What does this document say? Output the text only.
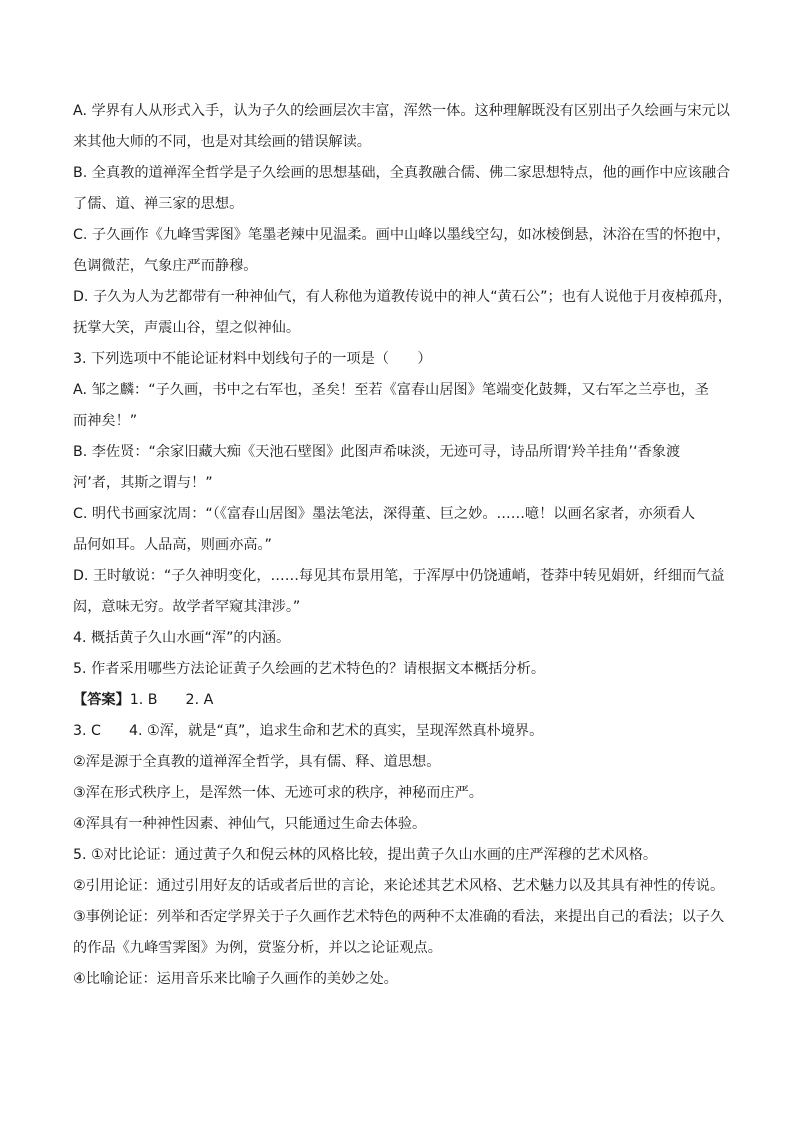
A. 学界有人从形式入手，认为子久的绘画层次丰富，浑然一体。这种理解既没有区别出子久绘画与宋元以
来其他大师的不同，也是对其绘画的错误解读。
B. 全真教的道禅浑全哲学是子久绘画的思想基础，全真教融合儒、佛二家思想特点，他的画作中应该融合
了儒、道、禅三家的思想。
C. 子久画作《九峰雪霁图》笔墨老辣中见温柔。画中山峰以墨线空勾，如冰棱倒悬，沐浴在雪的怀抱中，
色调微茫，气象庄严而静穆。
D. 子久为人为艺都带有一种神仙气，有人称他为道教传说中的神人“黄石公”；也有人说他于月夜棹孤舟，
抚掌大笑，声震山谷，望之似神仙。
3. 下列选项中不能论证材料中划线句子的一项是（　　）
A. 邹之麟：“子久画，书中之右军也，圣矣！至若《富春山居图》笔端变化鼓舞，又右军之兰亭也，圣
而神矣！”
B. 李佐贤：“余家旧藏大痴《天池石壁图》此图声希味淡，无迹可寻，诗品所谓‘羚羊挂角’‘香象渡
河’者，其斯之谓与！”
C. 明代书画家沈周：“（《富春山居图》墨法笔法，深得董、巨之妙。……噫！以画名家者，亦须看人
品何如耳。人品高，则画亦高。”
D. 王时敏说：“子久神明变化，……每见其布景用笔，于浑厚中仍饶逋峭，苍莽中转见娟妍，纤细而气益
闳，意味无穷。故学者罕窥其津涉。”
4. 概括黄子久山水画“浑”的内涵。
5. 作者采用哪些方法论证黄子久绘画的艺术特色的？请根据文本概括分析。
【答案】1. B 2. A
3. C 4. ①浑，就是“真”，追求生命和艺术的真实，呈现浑然真朴境界。
②浑是源于全真教的道禅浑全哲学，具有儒、释、道思想。
③浑在形式秩序上，是浑然一体、无迹可求的秩序，神秘而庄严。
④浑具有一种神性因素、神仙气，只能通过生命去体验。
5. ①对比论证：通过黄子久和倪云林的风格比较，提出黄子久山水画的庄严浑穆的艺术风格。
②引用论证：通过引用好友的话或者后世的言论，来论述其艺术风格、艺术魅力以及其具有神性的传说。
③事例论证：列举和否定学界关于子久画作艺术特色的两种不太准确的看法，来提出自己的看法；以子久
的作品《九峰雪霁图》为例，赏鉴分析，并以之论证观点。
④比喻论证：运用音乐来比喻子久画作的美妙之处。
